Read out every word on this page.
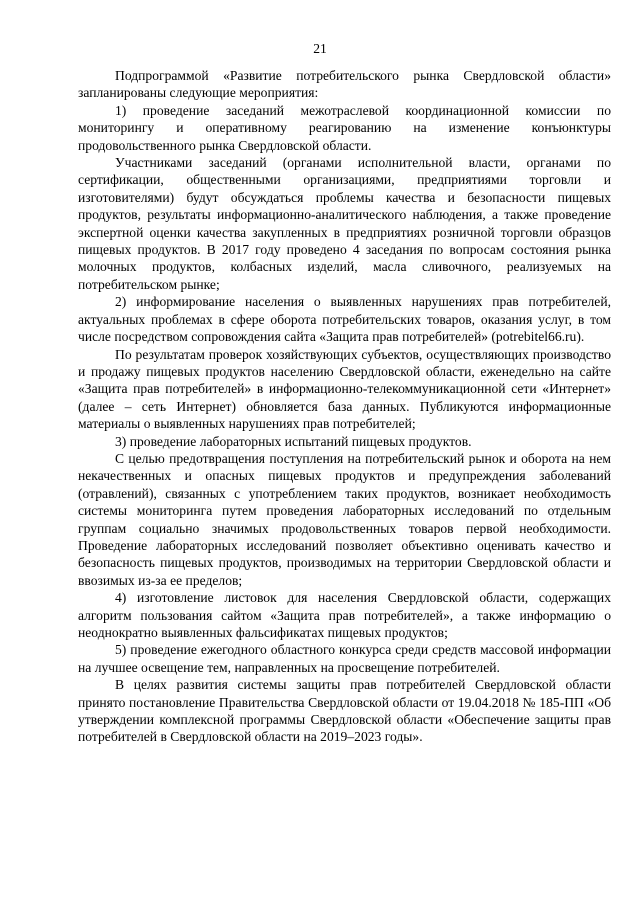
21

Подпрограммой «Развитие потребительского рынка Свердловской области» запланированы следующие мероприятия:

1) проведение заседаний межотраслевой координационной комиссии по мониторингу и оперативному реагированию на изменение конъюнктуры продовольственного рынка Свердловской области.

Участниками заседаний (органами исполнительной власти, органами по сертификации, общественными организациями, предприятиями торговли и изготовителями) будут обсуждаться проблемы качества и безопасности пищевых продуктов, результаты информационно-аналитического наблюдения, а также проведение экспертной оценки качества закупленных в предприятиях розничной торговли образцов пищевых продуктов. В 2017 году проведено 4 заседания по вопросам состояния рынка молочных продуктов, колбасных изделий, масла сливочного, реализуемых на потребительском рынке;

2) информирование населения о выявленных нарушениях прав потребителей, актуальных проблемах в сфере оборота потребительских товаров, оказания услуг, в том числе посредством сопровождения сайта «Защита прав потребителей» (potrebitel66.ru).

По результатам проверок хозяйствующих субъектов, осуществляющих производство и продажу пищевых продуктов населению Свердловской области, еженедельно на сайте «Защита прав потребителей» в информационно-телекоммуникационной сети «Интернет» (далее – сеть Интернет) обновляется база данных. Публикуются информационные материалы о выявленных нарушениях прав потребителей;

3) проведение лабораторных испытаний пищевых продуктов.

С целью предотвращения поступления на потребительский рынок и оборота на нем некачественных и опасных пищевых продуктов и предупреждения заболеваний (отравлений), связанных с употреблением таких продуктов, возникает необходимость системы мониторинга путем проведения лабораторных исследований по отдельным группам социально значимых продовольственных товаров первой необходимости. Проведение лабораторных исследований позволяет объективно оценивать качество и безопасность пищевых продуктов, производимых на территории Свердловской области и ввозимых из-за ее пределов;

4) изготовление листовок для населения Свердловской области, содержащих алгоритм пользования сайтом «Защита прав потребителей», а также информацию о неоднократно выявленных фальсификатах пищевых продуктов;

5) проведение ежегодного областного конкурса среди средств массовой информации на лучшее освещение тем, направленных на просвещение потребителей.

В целях развития системы защиты прав потребителей Свердловской области принято постановление Правительства Свердловской области от 19.04.2018 № 185-ПП «Об утверждении комплексной программы Свердловской области «Обеспечение защиты прав потребителей в Свердловской области на 2019–2023 годы».
